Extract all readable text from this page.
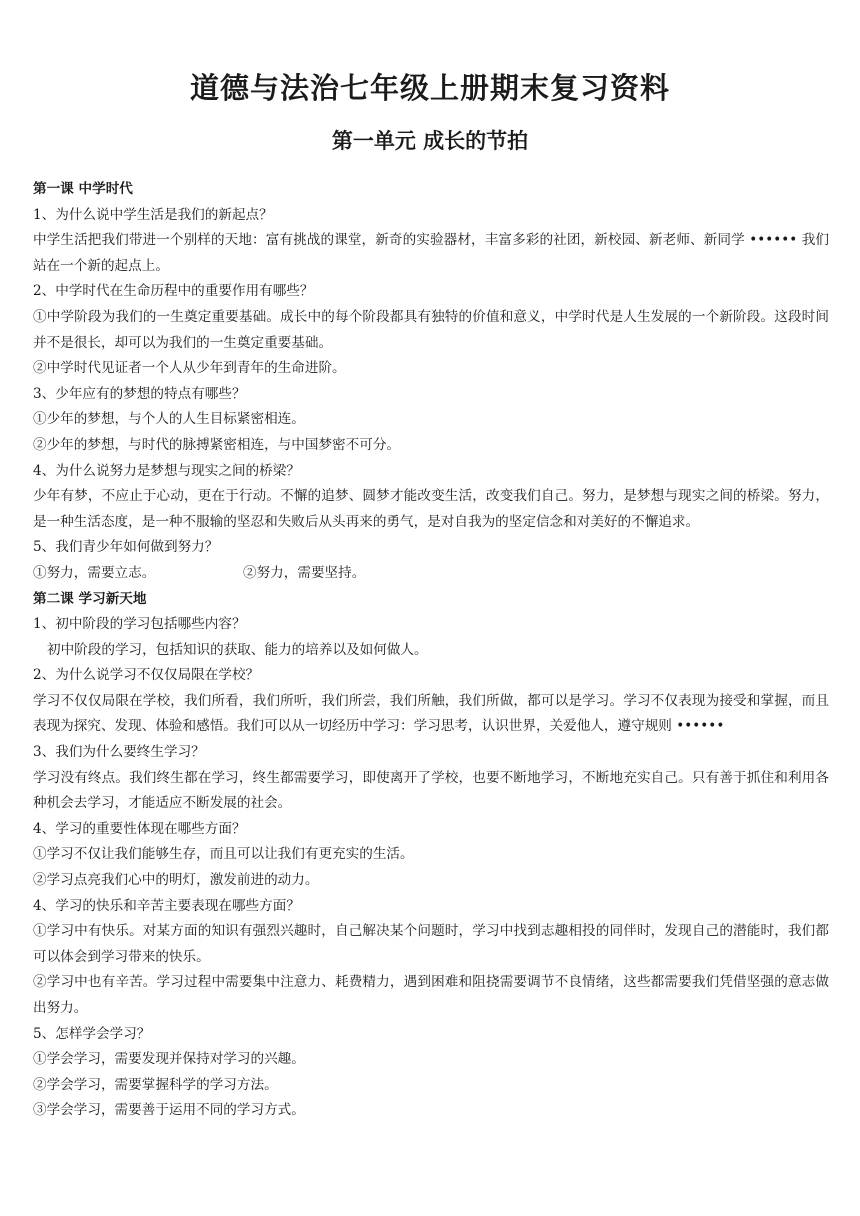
道德与法治七年级上册期末复习资料
第一单元 成长的节拍

第一课 中学时代

1、为什么说中学生活是我们的新起点？

中学生活把我们带进一个别样的天地：富有挑战的课堂，新奇的实验器材，丰富多彩的社团，新校园、新老师、新同学 •••••• 我们站在一个新的起点上。

2、中学时代在生命历程中的重要作用有哪些？

①中学阶段为我们的一生奠定重要基础。成长中的每个阶段都具有独特的价值和意义，中学时代是人生发展的一个新阶段。这段时间并不是很长，却可以为我们的一生奠定重要基础。

②中学时代见证者一个人从少年到青年的生命进阶。

3、少年应有的梦想的特点有哪些？

①少年的梦想，与个人的人生目标紧密相连。

②少年的梦想，与时代的脉搏紧密相连，与中国梦密不可分。

4、为什么说努力是梦想与现实之间的桥梁？

少年有梦，不应止于心动，更在于行动。不懈的追梦、圆梦才能改变生活，改变我们自己。努力，是梦想与现实之间的桥梁。努力，是一种生活态度，是一种不服输的坚忍和失败后从头再来的勇气，是对自我为的坚定信念和对美好的不懈追求。

5、我们青少年如何做到努力？

①努力，需要立志。	②努力，需要坚持。

第二课 学习新天地

1、初中阶段的学习包括哪些内容？

初中阶段的学习，包括知识的获取、能力的培养以及如何做人。

2、为什么说学习不仅仅局限在学校？

学习不仅仅局限在学校，我们所看，我们所听，我们所尝，我们所触，我们所做，都可以是学习。学习不仅表现为接受和掌握，而且表现为探究、发现、体验和感悟。我们可以从一切经历中学习：学习思考，认识世界，关爱他人，遵守规则 ••••••

3、我们为什么要终生学习？

学习没有终点。我们终生都在学习，终生都需要学习，即使离开了学校，也要不断地学习，不断地充实自己。只有善于抓住和利用各种机会去学习，才能适应不断发展的社会。

4、学习的重要性体现在哪些方面？

①学习不仅让我们能够生存，而且可以让我们有更充实的生活。

②学习点亮我们心中的明灯，激发前进的动力。

4、学习的快乐和辛苦主要表现在哪些方面？

①学习中有快乐。对某方面的知识有强烈兴趣时，自己解决某个问题时，学习中找到志趣相投的同伴时，发现自己的潜能时，我们都可以体会到学习带来的快乐。

②学习中也有辛苦。学习过程中需要集中注意力、耗费精力，遇到困难和阻挠需要调节不良情绪，这些都需要我们凭借坚强的意志做出努力。

5、怎样学会学习？

①学会学习，需要发现并保持对学习的兴趣。

②学会学习，需要掌握科学的学习方法。

③学会学习，需要善于运用不同的学习方式。
